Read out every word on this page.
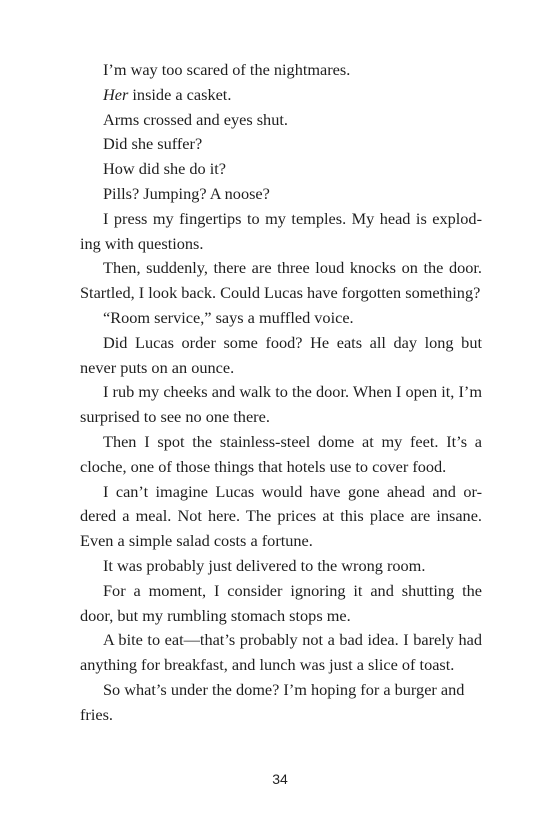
I’m way too scared of the nightmares.

Her inside a casket.

Arms crossed and eyes shut.

Did she suffer?

How did she do it?

Pills? Jumping? A noose?

I press my fingertips to my temples. My head is explod-ing with questions.

Then, suddenly, there are three loud knocks on the door. Startled, I look back. Could Lucas have forgotten something?

“Room service,” says a muffled voice.

Did Lucas order some food? He eats all day long but never puts on an ounce.

I rub my cheeks and walk to the door. When I open it, I’m surprised to see no one there.

Then I spot the stainless-steel dome at my feet. It’s a cloche, one of those things that hotels use to cover food.

I can’t imagine Lucas would have gone ahead and or-dered a meal. Not here. The prices at this place are insane. Even a simple salad costs a fortune.

It was probably just delivered to the wrong room.

For a moment, I consider ignoring it and shutting the door, but my rumbling stomach stops me.

A bite to eat—that’s probably not a bad idea. I barely had anything for breakfast, and lunch was just a slice of toast.

So what’s under the dome? I’m hoping for a burger and fries.

34
